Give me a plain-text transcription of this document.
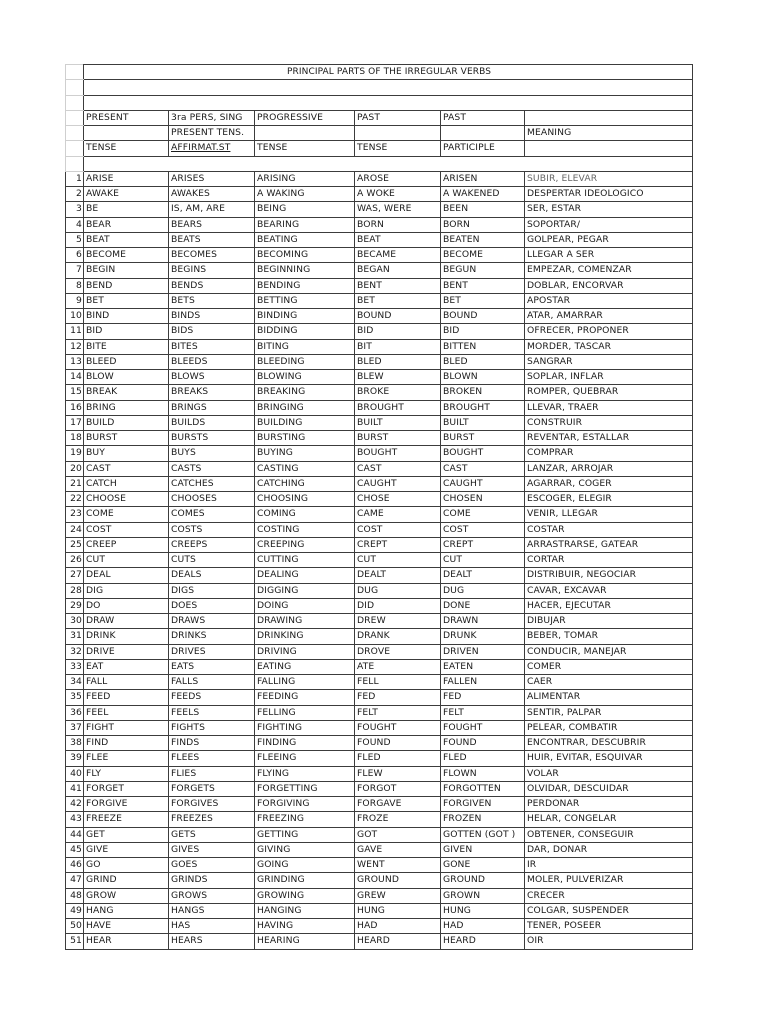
	PRINCIPAL PARTS OF THE IRREGULAR VERBS					

	PRESENT	3ra PERS, SING	PROGRESSIVE	PAST	PAST	
		PRESENT TENS.				MEANING
	TENSE	AFFIRMAT.ST	TENSE	TENSE	PARTICIPLE	

1	ARISE	ARISES	ARISING	AROSE	ARISEN	SUBIR, ELEVAR
2	AWAKE	AWAKES	A WAKING	A WOKE	A WAKENED	DESPERTAR IDEOLOGICO
3	BE	IS, AM, ARE	BEING	WAS, WERE	BEEN	SER, ESTAR
4	BEAR	BEARS	BEARING	BORN	BORN	SOPORTAR/
5	BEAT	BEATS	BEATING	BEAT	BEATEN	GOLPEAR, PEGAR
6	BECOME	BECOMES	BECOMING	BECAME	BECOME	LLEGAR A SER
7	BEGIN	BEGINS	BEGINNING	BEGAN	BEGUN	EMPEZAR, COMENZAR
8	BEND	BENDS	BENDING	BENT	BENT	DOBLAR, ENCORVAR
9	BET	BETS	BETTING	BET	BET	APOSTAR
10	BIND	BINDS	BINDING	BOUND	BOUND	ATAR, AMARRAR
11	BID	BIDS	BIDDING	BID	BID	OFRECER, PROPONER
12	BITE	BITES	BITING	BIT	BITTEN	MORDER, TASCAR
13	BLEED	BLEEDS	BLEEDING	BLED	BLED	SANGRAR
14	BLOW	BLOWS	BLOWING	BLEW	BLOWN	SOPLAR, INFLAR
15	BREAK	BREAKS	BREAKING	BROKE	BROKEN	ROMPER, QUEBRAR
16	BRING	BRINGS	BRINGING	BROUGHT	BROUGHT	LLEVAR, TRAER
17	BUILD	BUILDS	BUILDING	BUILT	BUILT	CONSTRUIR
18	BURST	BURSTS	BURSTING	BURST	BURST	REVENTAR, ESTALLAR
19	BUY	BUYS	BUYING	BOUGHT	BOUGHT	COMPRAR
20	CAST	CASTS	CASTING	CAST	CAST	LANZAR, ARROJAR
21	CATCH	CATCHES	CATCHING	CAUGHT	CAUGHT	AGARRAR, COGER
22	CHOOSE	CHOOSES	CHOOSING	CHOSE	CHOSEN	ESCOGER, ELEGIR
23	COME	COMES	COMING	CAME	COME	VENIR, LLEGAR
24	COST	COSTS	COSTING	COST	COST	COSTAR
25	CREEP	CREEPS	CREEPING	CREPT	CREPT	ARRASTRARSE, GATEAR
26	CUT	CUTS	CUTTING	CUT	CUT	CORTAR
27	DEAL	DEALS	DEALING	DEALT	DEALT	DISTRIBUIR, NEGOCIAR
28	DIG	DIGS	DIGGING	DUG	DUG	CAVAR, EXCAVAR
29	DO	DOES	DOING	DID	DONE	HACER, EJECUTAR
30	DRAW	DRAWS	DRAWING	DREW	DRAWN	DIBUJAR
31	DRINK	DRINKS	DRINKING	DRANK	DRUNK	BEBER, TOMAR
32	DRIVE	DRIVES	DRIVING	DROVE	DRIVEN	CONDUCIR, MANEJAR
33	EAT	EATS	EATING	ATE	EATEN	COMER
34	FALL	FALLS	FALLING	FELL	FALLEN	CAER
35	FEED	FEEDS	FEEDING	FED	FED	ALIMENTAR
36	FEEL	FEELS	FELLING	FELT	FELT	SENTIR, PALPAR
37	FIGHT	FIGHTS	FIGHTING	FOUGHT	FOUGHT	PELEAR, COMBATIR
38	FIND	FINDS	FINDING	FOUND	FOUND	ENCONTRAR, DESCUBRIR
39	FLEE	FLEES	FLEEING	FLED	FLED	HUIR, EVITAR, ESQUIVAR
40	FLY	FLIES	FLYING	FLEW	FLOWN	VOLAR
41	FORGET	FORGETS	FORGETTING	FORGOT	FORGOTTEN	OLVIDAR, DESCUIDAR
42	FORGIVE	FORGIVES	FORGIVING	FORGAVE	FORGIVEN	PERDONAR
43	FREEZE	FREEZES	FREEZING	FROZE	FROZEN	HELAR, CONGELAR
44	GET	GETS	GETTING	GOT	GOTTEN (GOT )	OBTENER, CONSEGUIR
45	GIVE	GIVES	GIVING	GAVE	GIVEN	DAR, DONAR
46	GO	GOES	GOING	WENT	GONE	IR
47	GRIND	GRINDS	GRINDING	GROUND	GROUND	MOLER, PULVERIZAR
48	GROW	GROWS	GROWING	GREW	GROWN	CRECER
49	HANG	HANGS	HANGING	HUNG	HUNG	COLGAR, SUSPENDER
50	HAVE	HAS	HAVING	HAD	HAD	TENER, POSEER
51	HEAR	HEARS	HEARING	HEARD	HEARD	OIR
